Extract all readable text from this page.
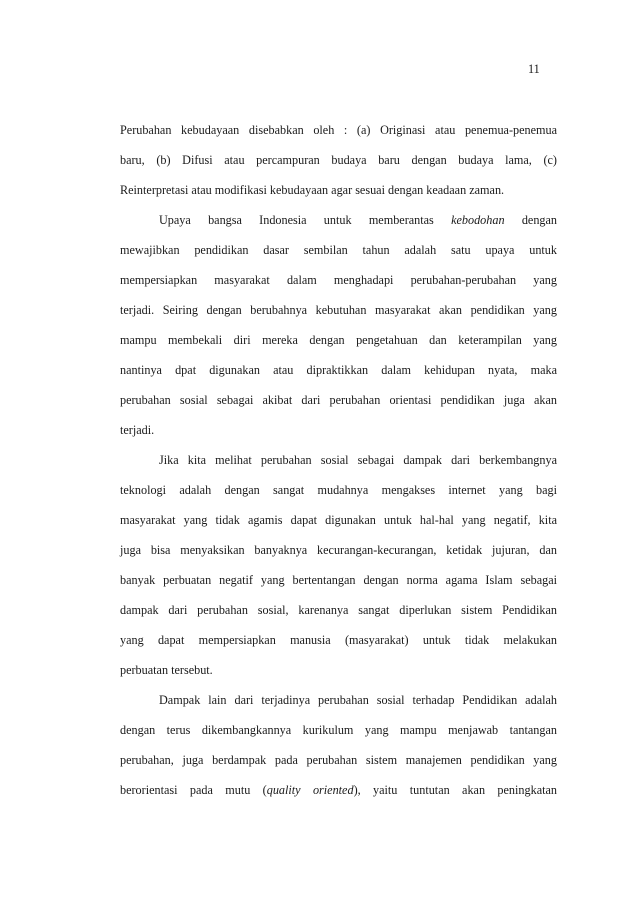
11
Perubahan kebudayaan disebabkan oleh : (a) Originasi atau penemua-penemua
baru, (b) Difusi atau percampuran budaya baru dengan budaya lama, (c)
Reinterpretasi atau modifikasi kebudayaan agar sesuai dengan keadaan zaman.
Upaya bangsa Indonesia untuk memberantas kebodohan dengan
mewajibkan pendidikan dasar sembilan tahun adalah satu upaya untuk
mempersiapkan masyarakat dalam menghadapi perubahan-perubahan yang
terjadi. Seiring dengan berubahnya kebutuhan masyarakat akan pendidikan yang
mampu membekali diri mereka dengan pengetahuan dan keterampilan yang
nantinya dpat digunakan atau dipraktikkan dalam kehidupan nyata, maka
perubahan sosial sebagai akibat dari perubahan orientasi pendidikan juga akan
terjadi.
Jika kita melihat perubahan sosial sebagai dampak dari berkembangnya
teknologi adalah dengan sangat mudahnya mengakses internet yang bagi
masyarakat yang tidak agamis dapat digunakan untuk hal-hal yang negatif, kita
juga bisa menyaksikan banyaknya kecurangan-kecurangan, ketidak jujuran, dan
banyak perbuatan negatif yang bertentangan dengan norma agama Islam sebagai
dampak dari perubahan sosial, karenanya sangat diperlukan sistem Pendidikan
yang dapat mempersiapkan manusia (masyarakat) untuk tidak melakukan
perbuatan tersebut.
Dampak lain dari terjadinya perubahan sosial terhadap Pendidikan adalah
dengan terus dikembangkannya kurikulum yang mampu menjawab tantangan
perubahan, juga berdampak pada perubahan sistem manajemen pendidikan yang
berorientasi pada mutu (quality oriented), yaitu tuntutan akan peningkatan
